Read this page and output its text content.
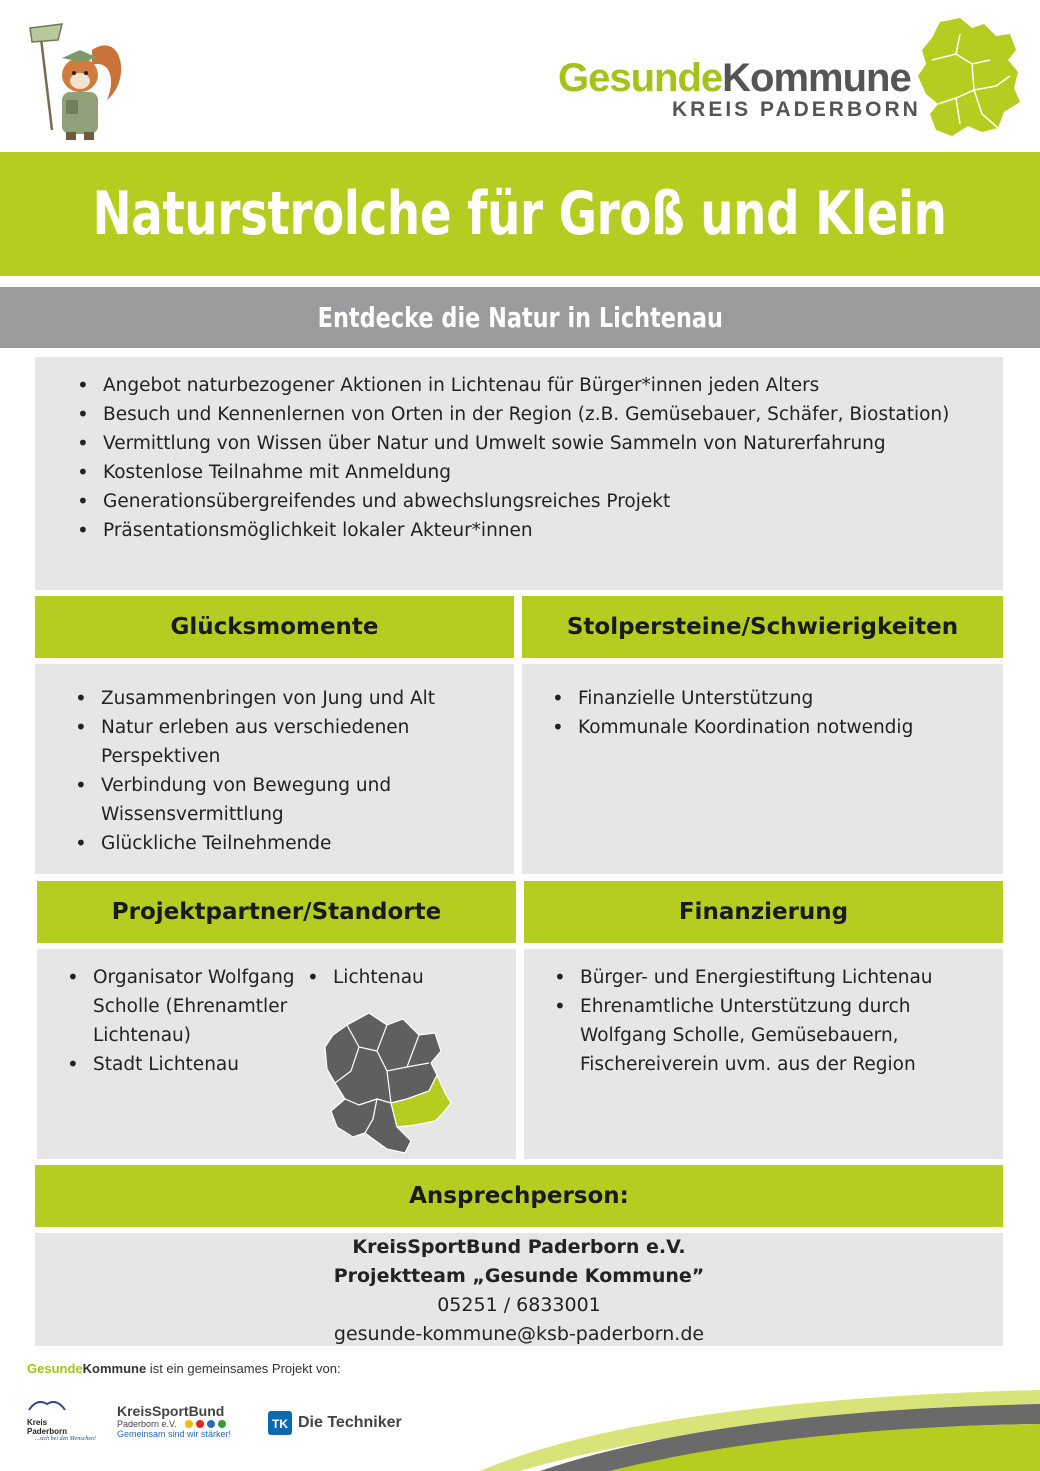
GesundeKommune
KREIS PADERBORN
Naturstrolche für Groß und Klein
Entdecke die Natur in Lichtenau
• Angebot naturbezogener Aktionen in Lichtenau für Bürger*innen jeden Alters
• Besuch und Kennenlernen von Orten in der Region (z.B. Gemüsebauer, Schäfer, Biostation)
• Vermittlung von Wissen über Natur und Umwelt sowie Sammeln von Naturerfahrung
• Kostenlose Teilnahme mit Anmeldung
• Generationsübergreifendes und abwechslungsreiches Projekt
• Präsentationsmöglichkeit lokaler Akteur*innen
Glücksmomente
• Zusammenbringen von Jung und Alt
• Natur erleben aus verschiedenen Perspektiven
• Verbindung von Bewegung und Wissensvermittlung
• Glückliche Teilnehmende
Stolpersteine/Schwierigkeiten
• Finanzielle Unterstützung
• Kommunale Koordination notwendig
Projektpartner/Standorte
• Organisator Wolfgang Scholle (Ehrenamtler Lichtenau)
• Stadt Lichtenau
• Lichtenau
Finanzierung
• Bürger- und Energiestiftung Lichtenau
• Ehrenamtliche Unterstützung durch Wolfgang Scholle, Gemüsebauern, Fischereiverein uvm. aus der Region
Ansprechperson:
KreisSportBund Paderborn e.V.
Projektteam „Gesunde Kommune”
05251 / 6833001
gesunde-kommune@ksb-paderborn.de
GesundeKommune ist ein gemeinsames Projekt von:
Kreis
Paderborn
...sich bei den Menschen!
KreisSportBund
Paderborn e.V.
Gemeinsam sind wir stärker!
TK Die Techniker
